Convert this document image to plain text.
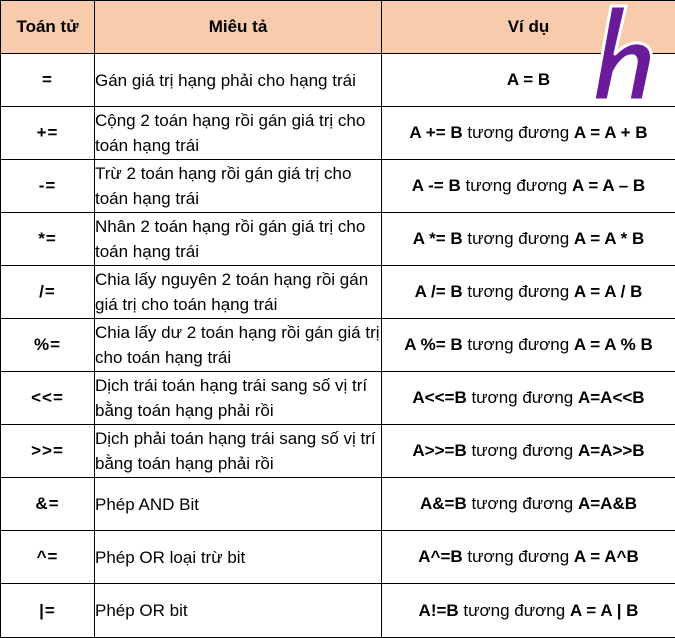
Toán tử	Miêu tả	Ví dụ
=	Gán giá trị hạng phải cho hạng trái	A = B
+=	Cộng 2 toán hạng rồi gán giá trị cho toán hạng trái	A += B tương đương A = A + B
-=	Trừ 2 toán hạng rồi gán giá trị cho toán hạng trái	A -= B tương đương A = A – B
*=	Nhân 2 toán hạng rồi gán giá trị cho toán hạng trái	A *= B tương đương A = A * B
/=	Chia lấy nguyên 2 toán hạng rồi gán giá trị cho toán hạng trái	A /= B tương đương A = A / B
%=	Chia lấy dư 2 toán hạng rồi gán giá trị cho toán hạng trái	A %= B tương đương A = A % B
<<=	Dịch trái toán hạng trái sang số vị trí bằng toán hạng phải rồi	A<<=B tương đương A=A<<B
>>=	Dịch phải toán hạng trái sang số vị trí bằng toán hạng phải rồi	A>>=B tương đương A=A>>B
&=	Phép AND Bit	A&=B tương đương A=A&B
^=	Phép OR loại trừ bit	A^=B tương đương A = A^B
|=	Phép OR bit	A!=B tương đương A = A | B
